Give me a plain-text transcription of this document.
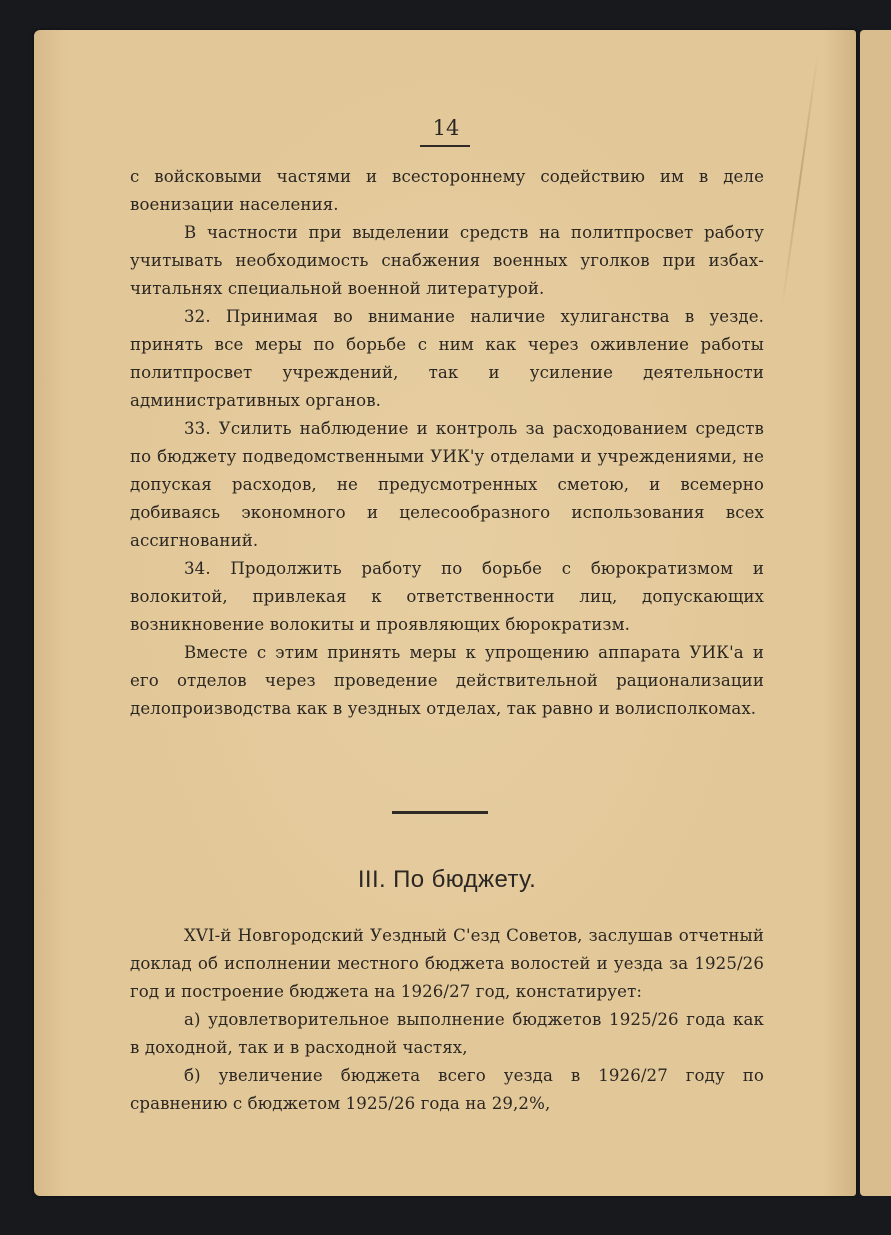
14

с войсковыми частями и всестороннему содействию им в деле военизации населения.

В частности при выделении средств на политпросвет работу учитывать необходимость снабжения военных уголков при избах-читальнях специальной военной литературой.

32. Принимая во внимание наличие хулиганства в уезде. принять все меры по борьбе с ним как через оживление работы политпросвет учреждений, так и усиление деятельности административных органов.

33. Усилить наблюдение и контроль за расходованием средств по бюджету подведомственными УИК'у отделами и учреждениями, не допуская расходов, не предусмотренных сметою, и всемерно добиваясь экономного и целесообразного использования всех ассигнований.

34. Продолжить работу по борьбе с бюрократизмом и волокитой, привлекая к ответственности лиц, допускающих возникновение волокиты и проявляющих бюрократизм.

Вместе с этим принять меры к упрощению аппарата УИК'а и его отделов через проведение действительной рационализации делопроизводства как в уездных отделах, так равно и волисполкомах.

III. По бюджету.

XVI-й Новгородский Уездный С'езд Советов, заслушав отчетный доклад об исполнении местного бюджета волостей и уезда за 1925/26 год и построение бюджета на 1926/27 год, констатирует:

а) удовлетворительное выполнение бюджетов 1925/26 года как в доходной, так и в расходной частях,

б) увеличение бюджета всего уезда в 1926/27 году по сравнению с бюджетом 1925/26 года на 29,2%,
